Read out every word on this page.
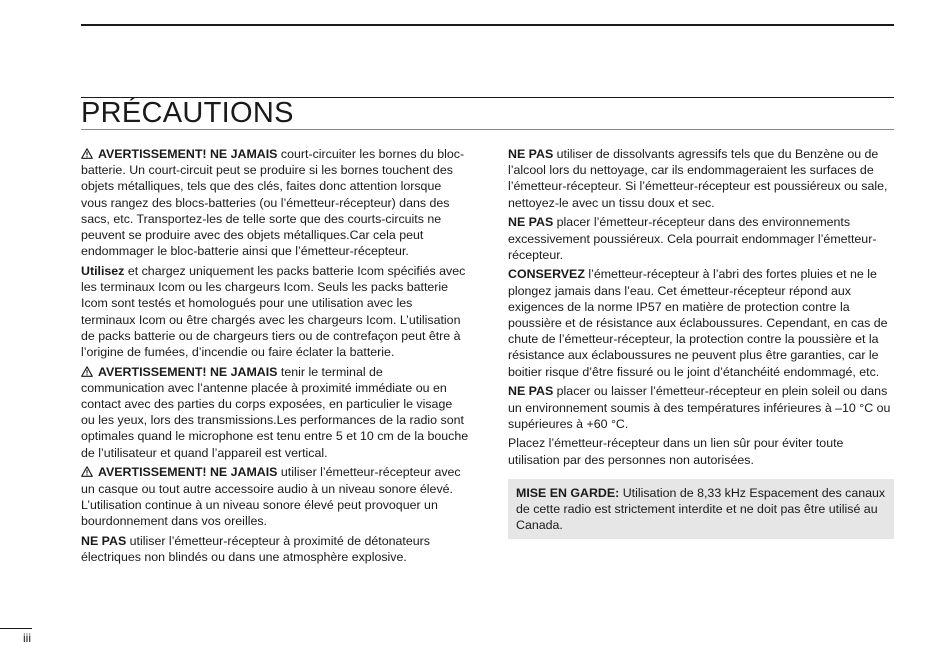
PRÉCAUTIONS

AVERTISSEMENT! NE JAMAIS court-circuiter les bornes du bloc-batterie. Un court-circuit peut se produire si les bornes touchent des objets métalliques, tels que des clés, faites donc attention lorsque vous rangez des blocs-batteries (ou l’émetteur-récepteur) dans des sacs, etc. Transportez-les de telle sorte que des courts-circuits ne peuvent se produire avec des objets métalliques.Car cela peut endommager le bloc-batterie ainsi que l’émetteur-récepteur.

Utilisez et chargez uniquement les packs batterie Icom spécifiés avec les terminaux Icom ou les chargeurs Icom. Seuls les packs batterie Icom sont testés et homologués pour une utilisation avec les terminaux Icom ou être chargés avec les chargeurs Icom. L’utilisation de packs batterie ou de chargeurs tiers ou de contrefaçon peut être à l’origine de fumées, d’incendie ou faire éclater la batterie.

AVERTISSEMENT! NE JAMAIS tenir le terminal de communication avec l’antenne placée à proximité immédiate ou en contact avec des parties du corps exposées, en particulier le visage ou les yeux, lors des transmissions.Les performances de la radio sont optimales quand le microphone est tenu entre 5 et 10 cm de la bouche de l’utilisateur et quand l’appareil est vertical.

AVERTISSEMENT! NE JAMAIS utiliser l’émetteur-récepteur avec un casque ou tout autre accessoire audio à un niveau sonore élevé. L’utilisation continue à un niveau sonore élevé peut provoquer un bourdonnement dans vos oreilles.

NE PAS utiliser l’émetteur-récepteur à proximité de détonateurs électriques non blindés ou dans une atmosphère explosive.

NE PAS utiliser de dissolvants agressifs tels que du Benzène ou de l’alcool lors du nettoyage, car ils endommageraient les surfaces de l’émetteur-récepteur. Si l’émetteur-récepteur est poussiéreux ou sale, nettoyez-le avec un tissu doux et sec.

NE PAS placer l’émetteur-récepteur dans des environnements excessivement poussiéreux. Cela pourrait endommager l’émetteur-récepteur.

CONSERVEZ l’émetteur-récepteur à l’abri des fortes pluies et ne le plongez jamais dans l’eau. Cet émetteur-récepteur répond aux exigences de la norme IP57 en matière de protection contre la poussière et de résistance aux éclaboussures. Cependant, en cas de chute de l’émetteur-récepteur, la protection contre la poussière et la résistance aux éclaboussures ne peuvent plus être garanties, car le boitier risque d’être fissuré ou le joint d’étanchéité endommagé, etc.

NE PAS placer ou laisser l’émetteur-récepteur en plein soleil ou dans un environnement soumis à des températures inférieures à –10 °C ou supérieures à +60 °C.

Placez l’émetteur-récepteur dans un lien sûr pour éviter toute utilisation par des personnes non autorisées.

MISE EN GARDE: Utilisation de 8,33 kHz Espacement des canaux de cette radio est strictement interdite et ne doit pas être utilisé au Canada.
iii
